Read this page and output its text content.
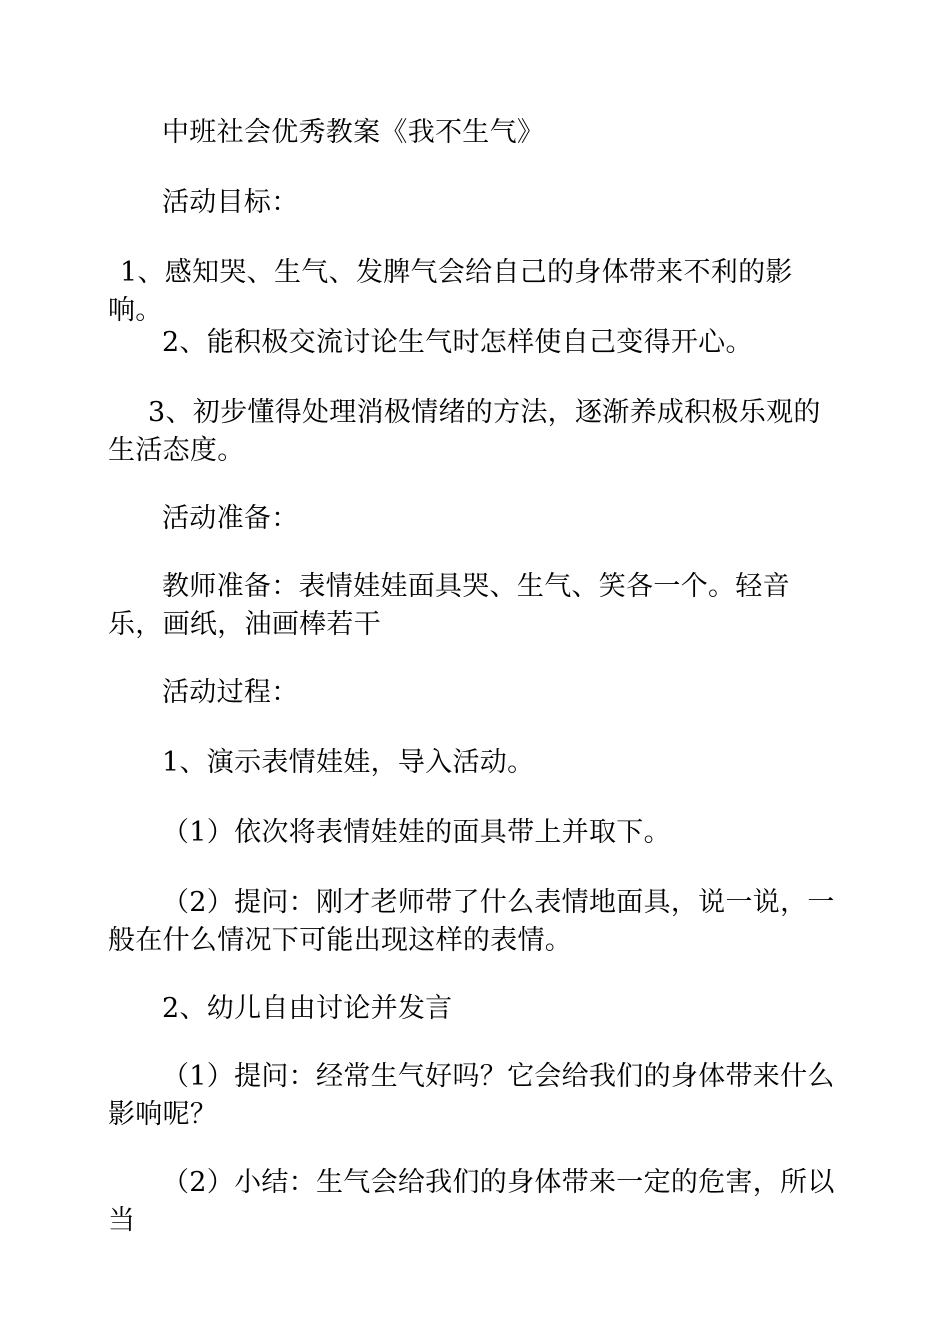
中班社会优秀教案《我不生气》

活动目标：

1、感知哭、生气、发脾气会给自己的身体带来不利的影响。

2、能积极交流讨论生气时怎样使自己变得开心。

3、初步懂得处理消极情绪的方法，逐渐养成积极乐观的生活态度。

活动准备：

教师准备：表情娃娃面具哭、生气、笑各一个。轻音乐，画纸，油画棒若干

活动过程：

1、演示表情娃娃，导入活动。

（1）依次将表情娃娃的面具带上并取下。

（2）提问：刚才老师带了什么表情地面具，说一说，一般在什么情况下可能出现这样的表情。

2、幼儿自由讨论并发言

（1）提问：经常生气好吗？它会给我们的身体带来什么影响呢？

（2）小结：生气会给我们的身体带来一定的危害，所以当
